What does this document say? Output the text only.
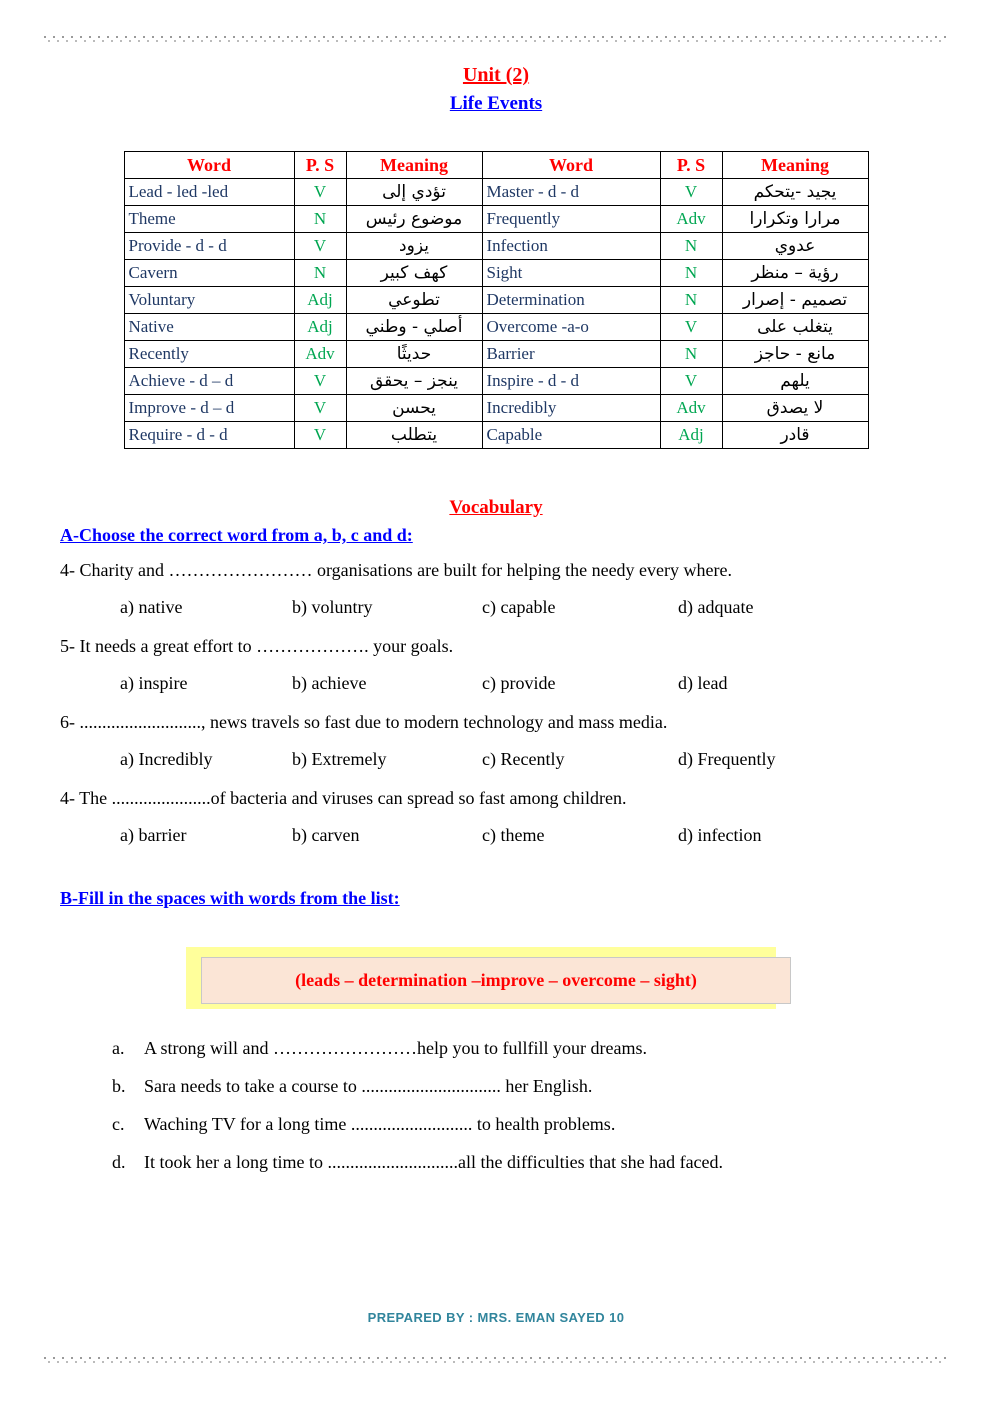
Unit (2)
Life Events
Word	P. S	Meaning	Word	P. S	Meaning
Lead - led -led	V	تؤدي إلى	Master - d - d	V	يجيد -يتحكم
Theme	N	موضوع رئيس	Frequently	Adv	مرارا وتكرارا
Provide - d - d	V	يزود	Infection	N	عدوي
Cavern	N	كهف كبير	Sight	N	رؤية – منظر
Voluntary	Adj	تطوعي	Determination	N	تصميم - إصرار
Native	Adj	أصلي - وطني	Overcome -a-o	V	يتغلب على
Recently	Adv	حديثًا	Barrier	N	مانع - حاجز
Achieve - d – d	V	ينجز – يحقق	Inspire - d - d	V	يلهم
Improve - d – d	V	يحسن	Incredibly	Adv	لا يصدق
Require - d - d	V	يتطلب	Capable	Adj	قادر
Vocabulary
A-Choose the correct word from a, b, c and d:
4- Charity and …………………… organisations are built for helping the needy every where.
a) native	b) voluntry	c) capable	d) adquate
5- It needs a great effort to ………………. your goals.
a) inspire	b) achieve	c) provide	d) lead
6- ..........................., news travels so fast due to modern technology and mass media.
a) Incredibly	b) Extremely	c) Recently	d) Frequently
4- The ......................of bacteria and viruses can spread so fast among children.
a) barrier	b) carven	c) theme	d) infection
B-Fill in the spaces with words from the list:
(leads – determination –improve – overcome – sight)
a.	A strong will and ……………………help you to fullfill your dreams.
b.	Sara needs to take a course to ............................... her English.
c.	Waching TV for a long time ........................... to health problems.
d.	It took her a long time to .............................all the difficulties that she had faced.
PREPARED BY : MRS. EMAN SAYED 10
